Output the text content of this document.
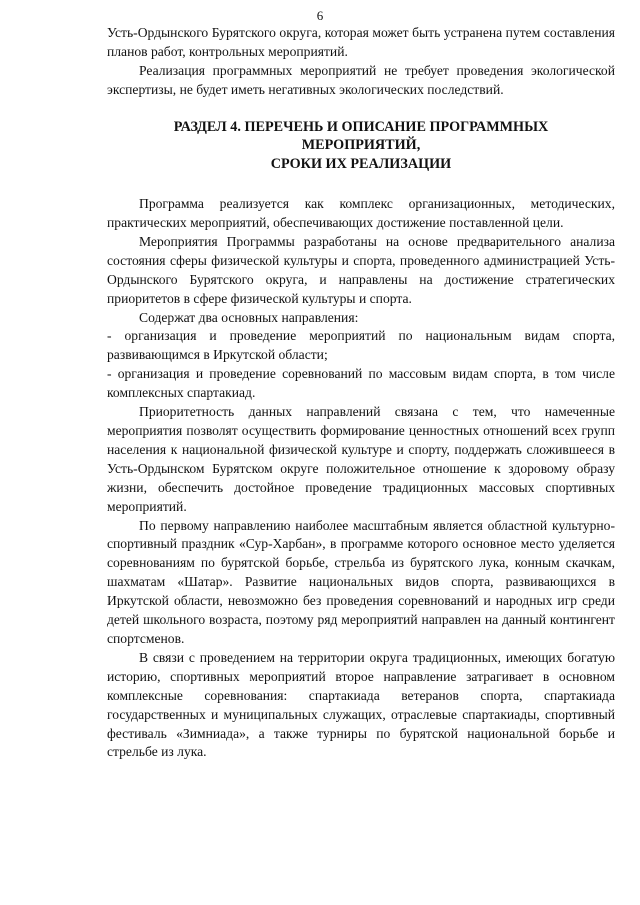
6

Усть-Ордынского Бурятского округа, которая может быть устранена путем составления планов работ, контрольных мероприятий.

Реализация программных мероприятий не требует проведения экологической экспертизы, не будет иметь негативных экологических последствий.

РАЗДЕЛ 4. ПЕРЕЧЕНЬ И ОПИСАНИЕ ПРОГРАММНЫХ
МЕРОПРИЯТИЙ,
СРОКИ ИХ РЕАЛИЗАЦИИ

Программа реализуется как комплекс организационных, методических, практических мероприятий, обеспечивающих достижение поставленной цели.

Мероприятия Программы разработаны на основе предварительного анализа состояния сферы физической культуры и спорта, проведенного администрацией Усть-Ордынского Бурятского округа, и направлены на достижение стратегических приоритетов в сфере физической культуры и спорта.

Содержат два основных направления:

- организация и проведение мероприятий по национальным видам спорта, развивающимся в Иркутской области;

- организация и проведение соревнований по массовым видам спорта, в том числе комплексных спартакиад.

Приоритетность данных направлений связана с тем, что намеченные мероприятия позволят осуществить формирование ценностных отношений всех групп населения к национальной физической культуре и спорту, поддержать сложившееся в Усть-Ордынском Бурятском округе положительное отношение к здоровому образу жизни, обеспечить достойное проведение традиционных массовых спортивных мероприятий.

По первому направлению наиболее масштабным является областной культурно-спортивный праздник «Сур-Харбан», в программе которого основное место уделяется соревнованиям по бурятской борьбе, стрельба из бурятского лука, конным скачкам, шахматам «Шатар». Развитие национальных видов спорта, развивающихся в Иркутской области, невозможно без проведения соревнований и народных игр среди детей школьного возраста, поэтому ряд мероприятий направлен на данный контингент спортсменов.

В связи с проведением на территории округа традиционных, имеющих богатую историю, спортивных мероприятий второе направление затрагивает в основном комплексные соревнования: спартакиада ветеранов спорта, спартакиада государственных и муниципальных служащих, отраслевые спартакиады, спортивный фестиваль «Зимниада», а также турниры по бурятской национальной борьбе и стрельбе из лука.
